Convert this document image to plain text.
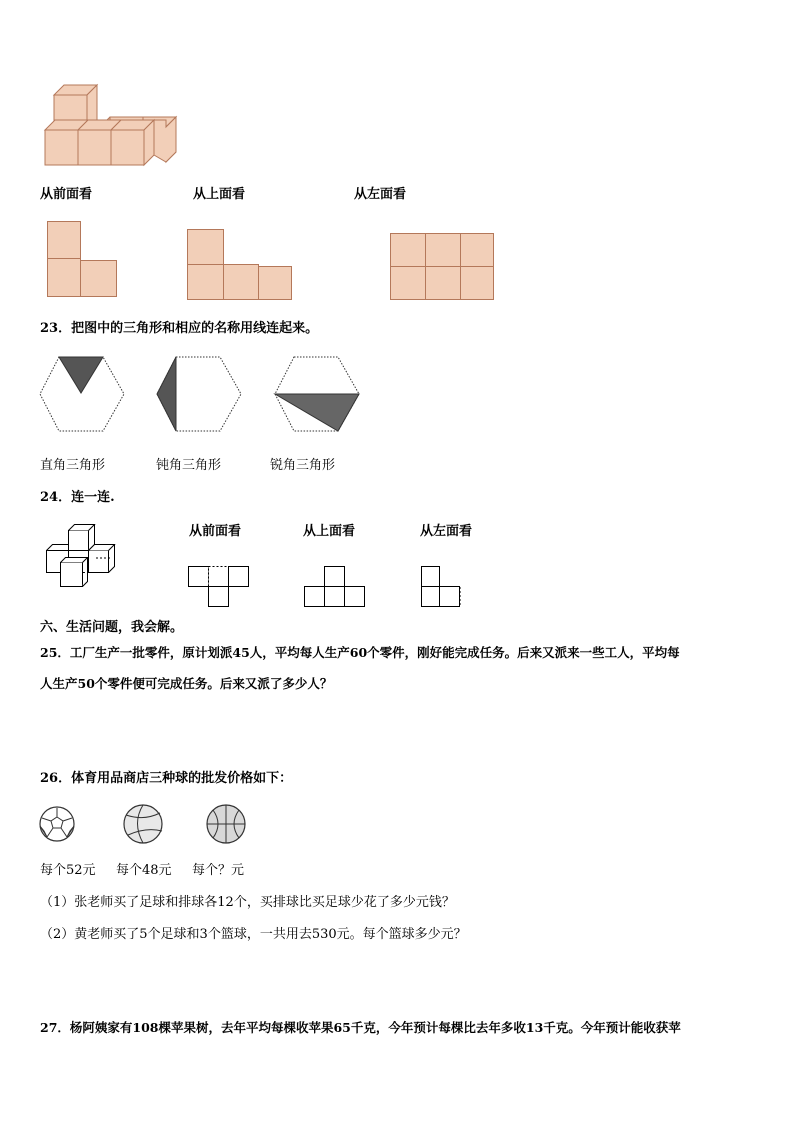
从前面看	从上面看	从左面看
23．把图中的三角形和相应的名称用线连起来。
直角三角形	钝角三角形	锐角三角形
24．连一连.
从前面看	从上面看	从左面看
六、生活问题，我会解。
25．工厂生产一批零件，原计划派45人，平均每人生产60个零件，刚好能完成任务。后来又派来一些工人，平均每
人生产50个零件便可完成任务。后来又派了多少人？
26．体育用品商店三种球的批发价格如下：
每个52元 每个48元 每个？元
（1）张老师买了足球和排球各12个，买排球比买足球少花了多少元钱？
（2）黄老师买了5个足球和3个篮球，一共用去530元。每个篮球多少元？
27．杨阿姨家有108棵苹果树，去年平均每棵收苹果65千克，今年预计每棵比去年多收13千克。今年预计能收获苹
